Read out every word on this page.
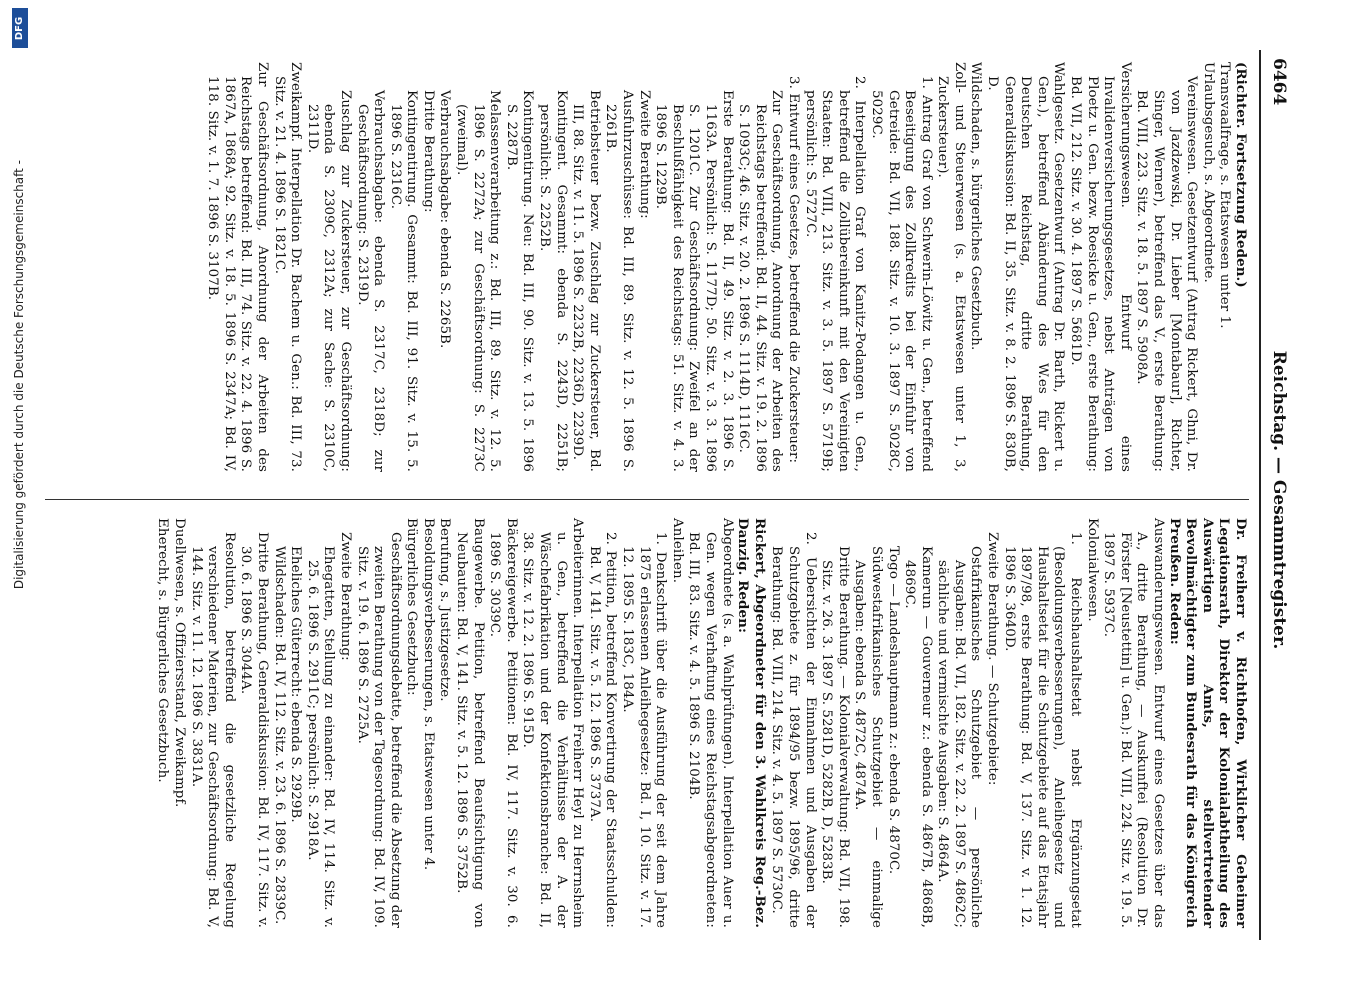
6464
Reichstag. — Gesammtregister.

(Richter. Fortsetzung Reden.)

Transvaalfrage, s. Etatswesen unter 1.

Urlaubsgesuch, s. Abgeordnete.

Vereinswesen. Gesetzentwurf (Antrag Rickert, Ghni, Dr. von Jazdzewski, Dr. Lieber [Montabaur], Richter, Singer, Werner), betreffend das V., erste Berathung: Bd. VIII, 223. Sitz. v. 18. 5. 1897 S. 5908A.

Versicherungswesen. Entwurf eines Invalidenversicherungsgesetzes, nebst Anträgen von Ploetz u. Gen. bezw. Roesicke u. Gen., erste Berathung: Bd. VII, 212. Sitz. v. 30. 4. 1897 S. 5681D.

Wahlgesetz. Gesetzentwurf (Antrag Dr. Barth, Rickert u. Gen.), betreffend Abänderung des W.es für den Deutschen Reichstag, dritte Berathung, Generaldiskussion: Bd. II, 35. Sitz. v. 8. 2. 1896 S. 830B, D.

Wildschaden, s. bürgerliches Gesetzbuch.

Zoll- und Steuerwesen (s. a. Etatswesen unter 1, 3, Zuckersteuer).

1. Antrag Graf von Schwerin-Löwitz u. Gen., betreffend Beseitigung des Zollkredits bei der Einfuhr von Getreide: Bd. VII, 188. Sitz. v. 10. 3. 1897 S. 5028C, 5029C.

2. Interpellation Graf von Kanitz-Podangen u. Gen., betreffend die Zollübereinkunft mit den Vereinigten Staaten: Bd. VIII, 213. Sitz. v. 3. 5. 1897 S. 5719B; persönlich: S. 5727C.

3. Entwurf eines Gesetzes, betreffend die Zuckersteuer:

Zur Geschäftsordnung, Anordnung der Arbeiten des Reichstags betreffend: Bd. II, 44. Sitz. v. 19. 2. 1896 S. 1093C; 46. Sitz. v. 20. 2. 1896 S. 1114D, 1116C.

Erste Berathung: Bd. II, 49. Sitz. v. 2. 3. 1896 S. 1163A. Persönlich: S. 1177D; 50. Sitz. v. 3. 3. 1896 S. 1201C. Zur Geschäftsordnung: Zweifel an der Beschlußfähigkeit des Reichstags: 51. Sitz. v. 4. 3. 1896 S. 1229B.

Zweite Berathung:

Ausfuhrzuschüsse: Bd. III, 89. Sitz. v. 12. 5. 1896 S. 2261B.

Betriebsteuer bezw. Zuschlag zur Zuckersteuer, Bd. III, 88. Sitz. v. 11. 5. 1896 S. 2232B, 2236D, 2239D.

Kontingent. Gesammt: ebenda S. 2243D, 2251B; persönlich: S. 2252B.

Kontingentirung. Neu: Bd. III, 90. Sitz. v. 13. 5. 1896 S. 2287B.

Melassenverarbeitung z.: Bd. III, 89. Sitz. v. 12. 5. 1896 S. 2272A; zur Geschäftsordnung: S. 2273C (zweimal).

Verbrauchsabgabe: ebenda S. 2265B.

Dritte Berathung:

Kontingentirung. Gesammt: Bd. III, 91. Sitz. v. 15. 5. 1896 S. 2316C.

Verbrauchsabgabe: ebenda S. 2317C, 2318D; zur Geschäftsordnung: S. 2319D.

Zuschlag zur Zuckersteuer, zur Geschäftsordnung: ebenda S. 2309C, 2312A; zur Sache: S. 2310C, 2311D.

Zweikampf. Interpellation Dr. Bachem u. Gen.: Bd. III, 73. Sitz. v. 21. 4. 1896 S. 1821C.

Zur Geschäftsordnung, Anordnung der Arbeiten des Reichstags betreffend: Bd. III, 74. Sitz. v. 22. 4. 1896 S. 1867A, 1868A; 92. Sitz. v. 18. 5. 1896 S. 2347A; Bd. IV, 118. Sitz. v. 1. 7. 1896 S. 3107B.

Dr. Freiherr v. Richthofen, Wirklicher Geheimer Legationsrath, Direktor der Kolonialabtheilung des Auswärtigen Amts, stellvertretender Bevollmächtigter zum Bundesrath für das Königreich Preußen. Reden:

Auswanderungswesen. Entwurf eines Gesetzes über das A., dritte Berathung, — Auskunftei (Resolution Dr. Förster [Neustettin] u. Gen.): Bd. VIII, 224. Sitz. v. 19. 5. 1897 S. 5937C.

Kolonialwesen.

1. Reichshaushaltsetat nebst Ergänzungsetat (Besoldungsverbesserungen), Anleihegesetz und Haushaltsetat für die Schutzgebiete auf das Etatsjahr 1897/98, erste Berathung: Bd. V, 137. Sitz. v. 1. 12. 1896 S. 3640D.

Zweite Berathung. — Schutzgebiete:

Ostafrikanisches Schutzgebiet — persönliche Ausgaben: Bd. VII, 182. Sitz. v. 22. 2. 1897 S. 4862C; sächliche und vermischte Ausgaben: S. 4864A.

Kamerun — Gouverneur z.: ebenda S. 4867B, 4868B, 4869C.

Togo — Landeshauptmann z.: ebenda S. 4870C.

Südwestafrikanisches Schutzgebiet — einmalige Ausgaben: ebenda S. 4872C, 4874A.

Dritte Berathung. — Kolonialverwaltung: Bd. VII, 198. Sitz. v. 26. 3. 1897 S. 5281D, 5282B, D, 5283B.

2. Uebersichten der Einnahmen und Ausgaben der Schutzgebiete z. für 1894/95 bezw. 1895/96, dritte Berathung: Bd. VIII, 214. Sitz. v. 4. 5. 1897 S. 5730C.

Rickert, Abgeordneter für den 3. Wahlkreis Reg.-Bez. Danzig. Reden:

Abgeordnete (s. a. Wahlprüfungen). Interpellation Auer u. Gen. wegen Verhaftung eines Reichstagsabgeordneten: Bd. III, 83. Sitz. v. 4. 5. 1896 S. 2104B.

Anleihen.

1. Denkschrift über die Ausführung der seit dem Jahre 1875 erlassenen Anleihegesetze: Bd. I, 10. Sitz. v. 17. 12. 1895 S. 183C, 184A.

2. Petition, betreffend Konvertirung der Staatsschulden: Bd. V, 141. Sitz. v. 5. 12. 1896 S. 3737A.

Arbeiterinnen. Interpellation Freiherr Heyl zu Herrnsheim u. Gen., betreffend die Verhältnisse der A. der Wäschefabrikation und der Konfektionsbranche: Bd. II, 38. Sitz. v. 12. 2. 1896 S. 915D.

Bäckereigewerbe. Petitionen: Bd. IV, 117. Sitz. v. 30. 6. 1896 S. 3039C.

Baugewerbe. Petition, betreffend Beaufsichtigung von Neubauten: Bd. V, 141. Sitz. v. 5. 12. 1896 S. 3752B.

Berufung, s. Justizgesetze.

Besoldungsverbesserungen, s. Etatswesen unter 4.

Bürgerliches Gesetzbuch:

Geschäftsordnungsdebatte, betreffend die Absetzung der zweiten Berathung von der Tagesordnung: Bd. IV, 109. Sitz. v. 19. 6. 1896 S. 2725A.

Zweite Berathung:

Ehegatten, Stellung zu einander: Bd. IV, 114. Sitz. v. 25. 6. 1896 S. 2911C; persönlich: S. 2918A.

Eheliches Güterrecht: ebenda S. 2929B.

Wildschaden: Bd. IV, 112. Sitz. v. 23. 6. 1896 S. 2839C.

Dritte Berathung, Generaldiskussion: Bd. IV, 117. Sitz. v. 30. 6. 1896 S. 3044A.

Resolution, betreffend die gesetzliche Regelung verschiedener Materien, zur Geschäftsordnung: Bd. V, 144. Sitz. v. 11. 12. 1896 S. 3831A.

Duellwesen, s. Offiziersstand, Zweikampf.

Eherecht, s. Bürgerliches Gesetzbuch.

DFG
Digitalisierung gefördert durch die Deutsche Forschungsgemeinschaft -
